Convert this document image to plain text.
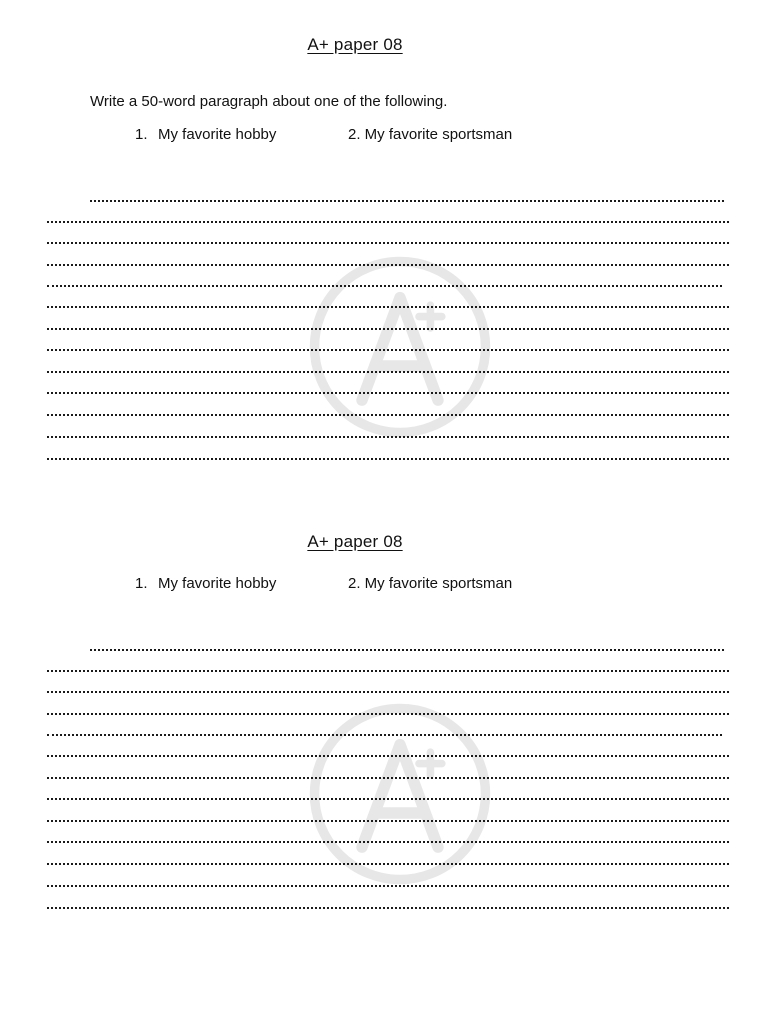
A+ paper 08
Write a 50-word paragraph about one of the following.
1. My favorite hobby	2. My favorite sportsman
A+ paper 08
1. My favorite hobby	2. My favorite sportsman
